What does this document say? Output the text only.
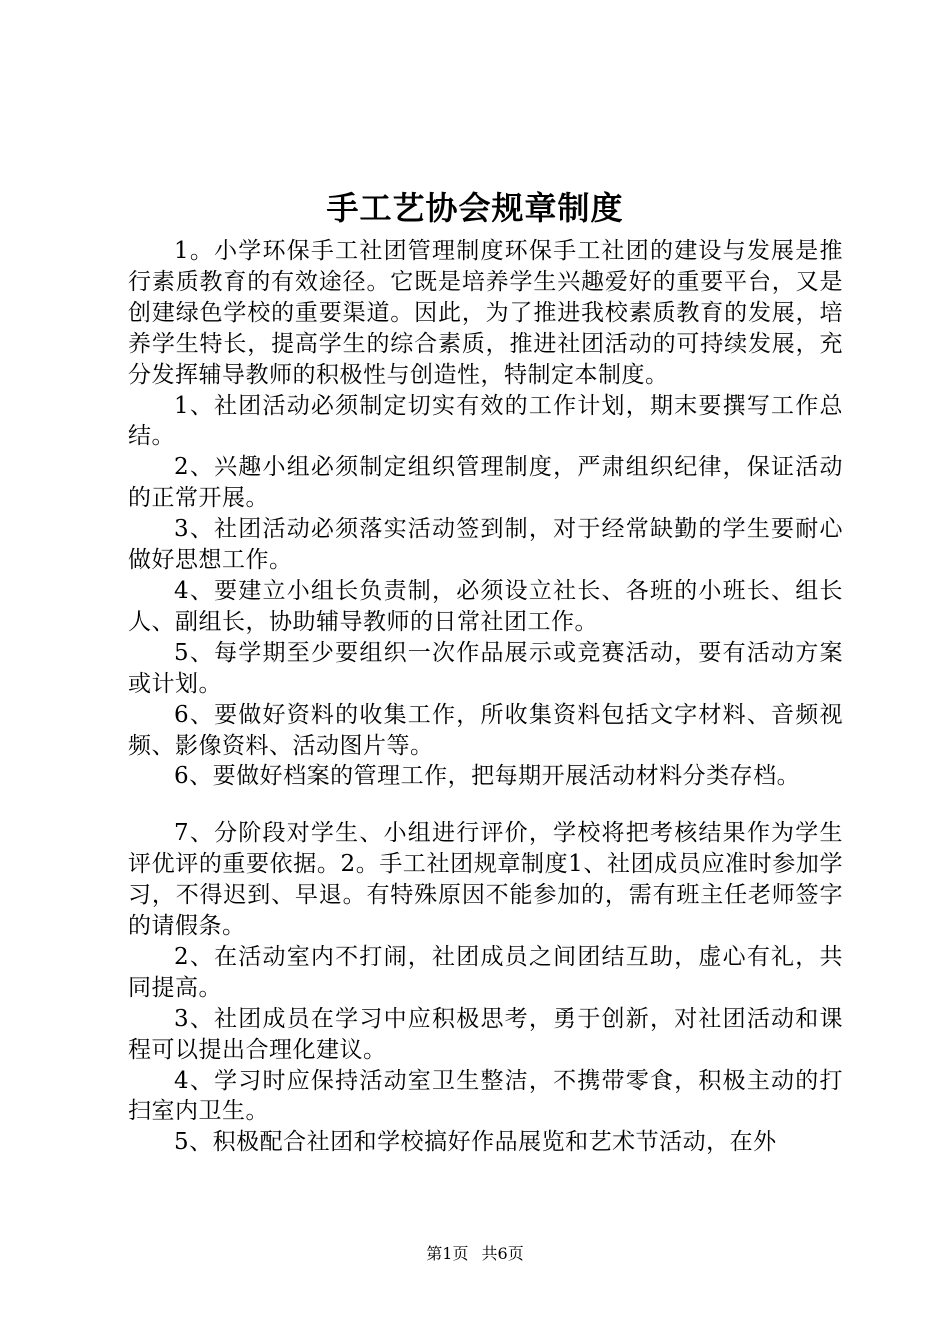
手工艺协会规章制度

1。小学环保手工社团管理制度环保手工社团的建设与发展是推行素质教育的有效途径。它既是培养学生兴趣爱好的重要平台，又是创建绿色学校的重要渠道。因此，为了推进我校素质教育的发展，培养学生特长，提高学生的综合素质，推进社团活动的可持续发展，充分发挥辅导教师的积极性与创造性，特制定本制度。

1、社团活动必须制定切实有效的工作计划，期末要撰写工作总结。

2、兴趣小组必须制定组织管理制度，严肃组织纪律，保证活动的正常开展。

3、社团活动必须落实活动签到制，对于经常缺勤的学生要耐心做好思想工作。

4、要建立小组长负责制，必须设立社长、各班的小班长、组长人、副组长，协助辅导教师的日常社团工作。

5、每学期至少要组织一次作品展示或竞赛活动，要有活动方案或计划。

6、要做好资料的收集工作，所收集资料包括文字材料、音频视频、影像资料、活动图片等。

6、要做好档案的管理工作，把每期开展活动材料分类存档。

7、分阶段对学生、小组进行评价，学校将把考核结果作为学生评优评的重要依据。2。手工社团规章制度1、社团成员应准时参加学习，不得迟到、早退。有特殊原因不能参加的，需有班主任老师签字的请假条。

2、在活动室内不打闹，社团成员之间团结互助，虚心有礼，共同提高。

3、社团成员在学习中应积极思考，勇于创新，对社团活动和课程可以提出合理化建议。

4、学习时应保持活动室卫生整洁，不携带零食，积极主动的打扫室内卫生。

5、积极配合社团和学校搞好作品展览和艺术节活动，在外

第1页 共6页
